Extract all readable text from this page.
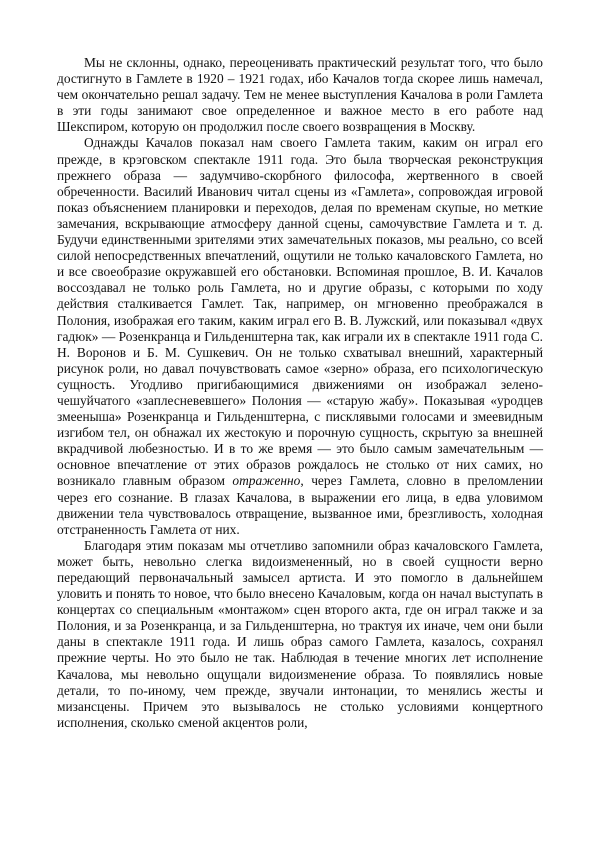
Мы не склонны, однако, переоценивать практический результат того, что было достигнуто в Гамлете в 1920 – 1921 годах, ибо Качалов тогда скорее лишь намечал, чем окончательно решал задачу. Тем не менее выступления Качалова в роли Гамлета в эти годы занимают свое определенное и важное место в его работе над Шекспиром, которую он продолжил после своего возвращения в Москву.

Однажды Качалов показал нам своего Гамлета таким, каким он играл его прежде, в крэговском спектакле 1911 года. Это была творческая реконструкция прежнего образа — задумчиво-скорбного философа, жертвенного в своей обреченности. Василий Иванович читал сцены из «Гамлета», сопровождая игровой показ объяснением планировки и переходов, делая по временам скупые, но меткие замечания, вскрывающие атмосферу данной сцены, самочувствие Гамлета и т. д. Будучи единственными зрителями этих замечательных показов, мы реально, со всей силой непосредственных впечатлений, ощутили не только качаловского Гамлета, но и все своеобразие окружавшей его обстановки. Вспоминая прошлое, В. И. Качалов воссоздавал не только роль Гамлета, но и другие образы, с которыми по ходу действия сталкивается Гамлет. Так, например, он мгновенно преображался в Полония, изображая его таким, каким играл его В. В. Лужский, или показывал «двух гадюк» — Розенкранца и Гильденштерна так, как играли их в спектакле 1911 года С. Н. Воронов и Б. М. Сушкевич. Он не только схватывал внешний, характерный рисунок роли, но давал почувствовать самое «зерно» образа, его психологическую сущность. Угодливо пригибающимися движениями он изображал зелено-чешуйчатого «заплесневевшего» Полония — «старую жабу». Показывая «уродцев змееныша» Розенкранца и Гильденштерна, с писклявыми голосами и змеевидным изгибом тел, он обнажал их жестокую и порочную сущность, скрытую за внешней вкрадчивой любезностью. И в то же время — это было самым замечательным — основное впечатление от этих образов рождалось не столько от них самих, но возникало главным образом отраженно, через Гамлета, словно в преломлении через его сознание. В глазах Качалова, в выражении его лица, в едва уловимом движении тела чувствовалось отвращение, вызванное ими, брезгливость, холодная отстраненность Гамлета от них.

Благодаря этим показам мы отчетливо запомнили образ качаловского Гамлета, может быть, невольно слегка видоизмененный, но в своей сущности верно передающий первоначальный замысел артиста. И это помогло в дальнейшем уловить и понять то новое, что было внесено Качаловым, когда он начал выступать в концертах со специальным «монтажом» сцен второго акта, где он играл также и за Полония, и за Розенкранца, и за Гильденштерна, но трактуя их иначе, чем они были даны в спектакле 1911 года. И лишь образ самого Гамлета, казалось, сохранял прежние черты. Но это было не так. Наблюдая в течение многих лет исполнение Качалова, мы невольно ощущали видоизменение образа. То появлялись новые детали, то по-иному, чем прежде, звучали интонации, то менялись жесты и мизансцены. Причем это вызывалось не столько условиями концертного исполнения, сколько сменой акцентов роли,
